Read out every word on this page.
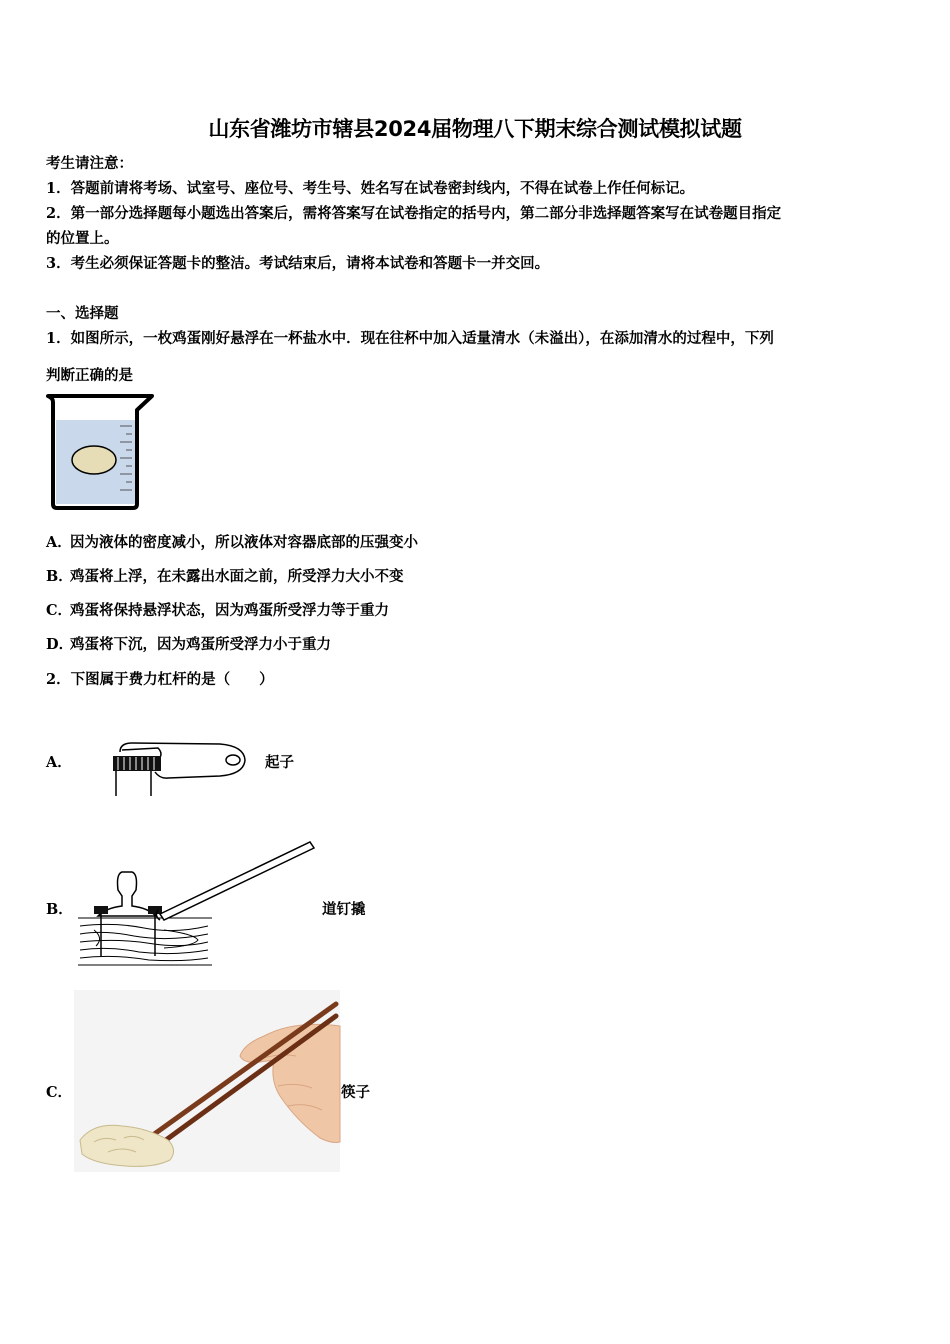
山东省潍坊市辖县2024届物理八下期末综合测试模拟试题
考生请注意：
1．答题前请将考场、试室号、座位号、考生号、姓名写在试卷密封线内，不得在试卷上作任何标记。
2．第一部分选择题每小题选出答案后，需将答案写在试卷指定的括号内，第二部分非选择题答案写在试卷题目指定
的位置上。
3．考生必须保证答题卡的整洁。考试结束后，请将本试卷和答题卡一并交回。
一、选择题
1．如图所示，一枚鸡蛋刚好悬浮在一杯盐水中．现在往杯中加入适量清水（未溢出），在添加清水的过程中，下列
判断正确的是
A．因为液体的密度减小，所以液体对容器底部的压强变小
B．鸡蛋将上浮，在未露出水面之前，所受浮力大小不变
C．鸡蛋将保持悬浮状态，因为鸡蛋所受浮力等于重力
D．鸡蛋将下沉，因为鸡蛋所受浮力小于重力
2．下图属于费力杠杆的是（　　）
A．	起子
B．	道钉撬
C．	筷子
